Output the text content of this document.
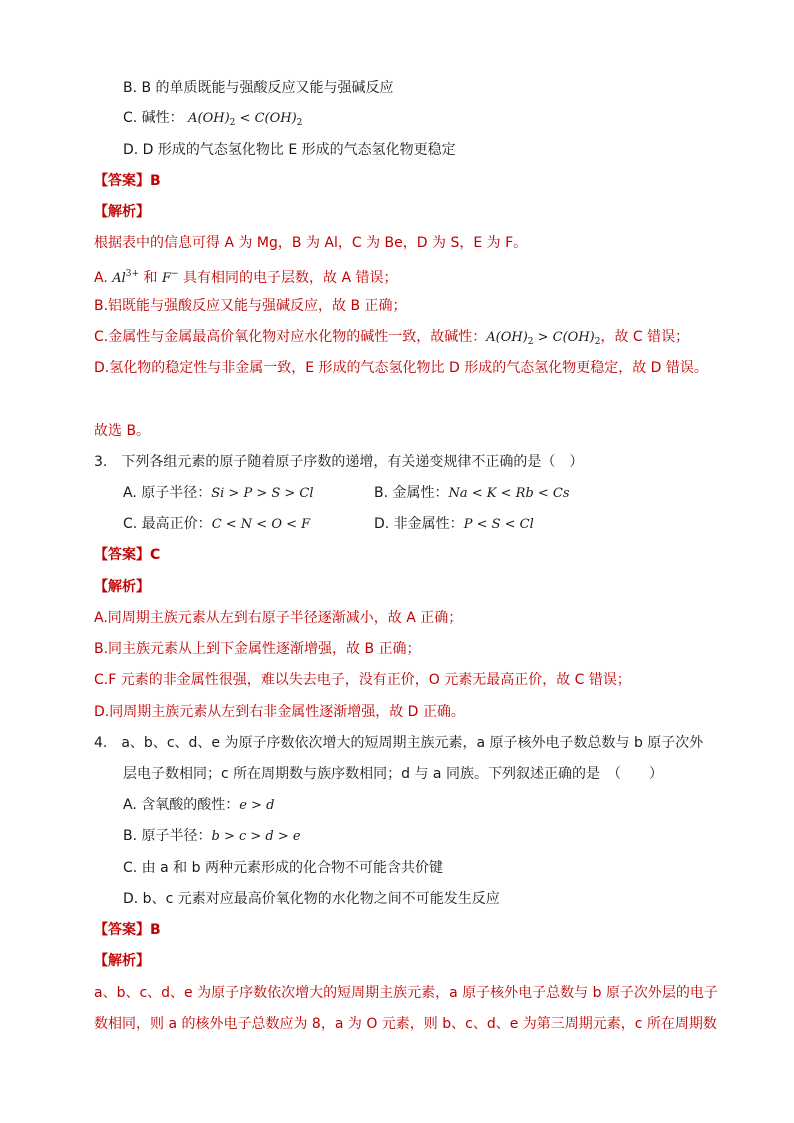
B. B 的单质既能与强酸反应又能与强碱反应
C. 碱性： $A(OH)_2 < C(OH)_2$
D. D 形成的气态氢化物比 E 形成的气态氢化物更稳定
【答案】B
【解析】
根据表中的信息可得 A 为 Mg，B 为 Al，C 为 Be，D 为 S，E 为 F。
A. $Al^{3+}$ 和 F− 具有相同的电子层数，故 A 错误；
B.铝既能与强酸反应又能与强碱反应，故 B 正确；
C.金属性与金属最高价氧化物对应水化物的碱性一致，故碱性：$A(OH)_2 > C(OH)_2$，故 C 错误；
D.氢化物的稳定性与非金属一致，E 形成的气态氢化物比 D 形成的气态氢化物更稳定，故 D 错误。
故选 B。
3.　下列各组元素的原子随着原子序数的递增，有关递变规律不正确的是（　）
A. 原子半径：Si > P > S > Cl	B. 金属性：Na < K < Rb < Cs
C. 最高正价：C < N < O < F	D. 非金属性：P < S < Cl
【答案】C
【解析】
A.同周期主族元素从左到右原子半径逐渐减小，故 A 正确；
B.同主族元素从上到下金属性逐渐增强，故 B 正确；
C.F 元素的非金属性很强，难以失去电子，没有正价，O 元素无最高正价，故 C 错误；
D.同周期主族元素从左到右非金属性逐渐增强，故 D 正确。
4.　a、b、c、d、e 为原子序数依次增大的短周期主族元素，a 原子核外电子数总数与 b 原子次外
层电子数相同；c 所在周期数与族序数相同；d 与 a 同族。下列叙述正确的是　（　　）
A. 含氧酸的酸性：e > d
B. 原子半径：b > c > d > e
C. 由 a 和 b 两种元素形成的化合物不可能含共价键
D. b、c 元素对应最高价氧化物的水化物之间不可能发生反应
【答案】B
【解析】
a、b、c、d、e 为原子序数依次增大的短周期主族元素，a 原子核外电子总数与 b 原子次外层的电子
数相同，则 a 的核外电子总数应为 8，a 为 O 元素，则 b、c、d、e 为第三周期元素，c 所在周期数
